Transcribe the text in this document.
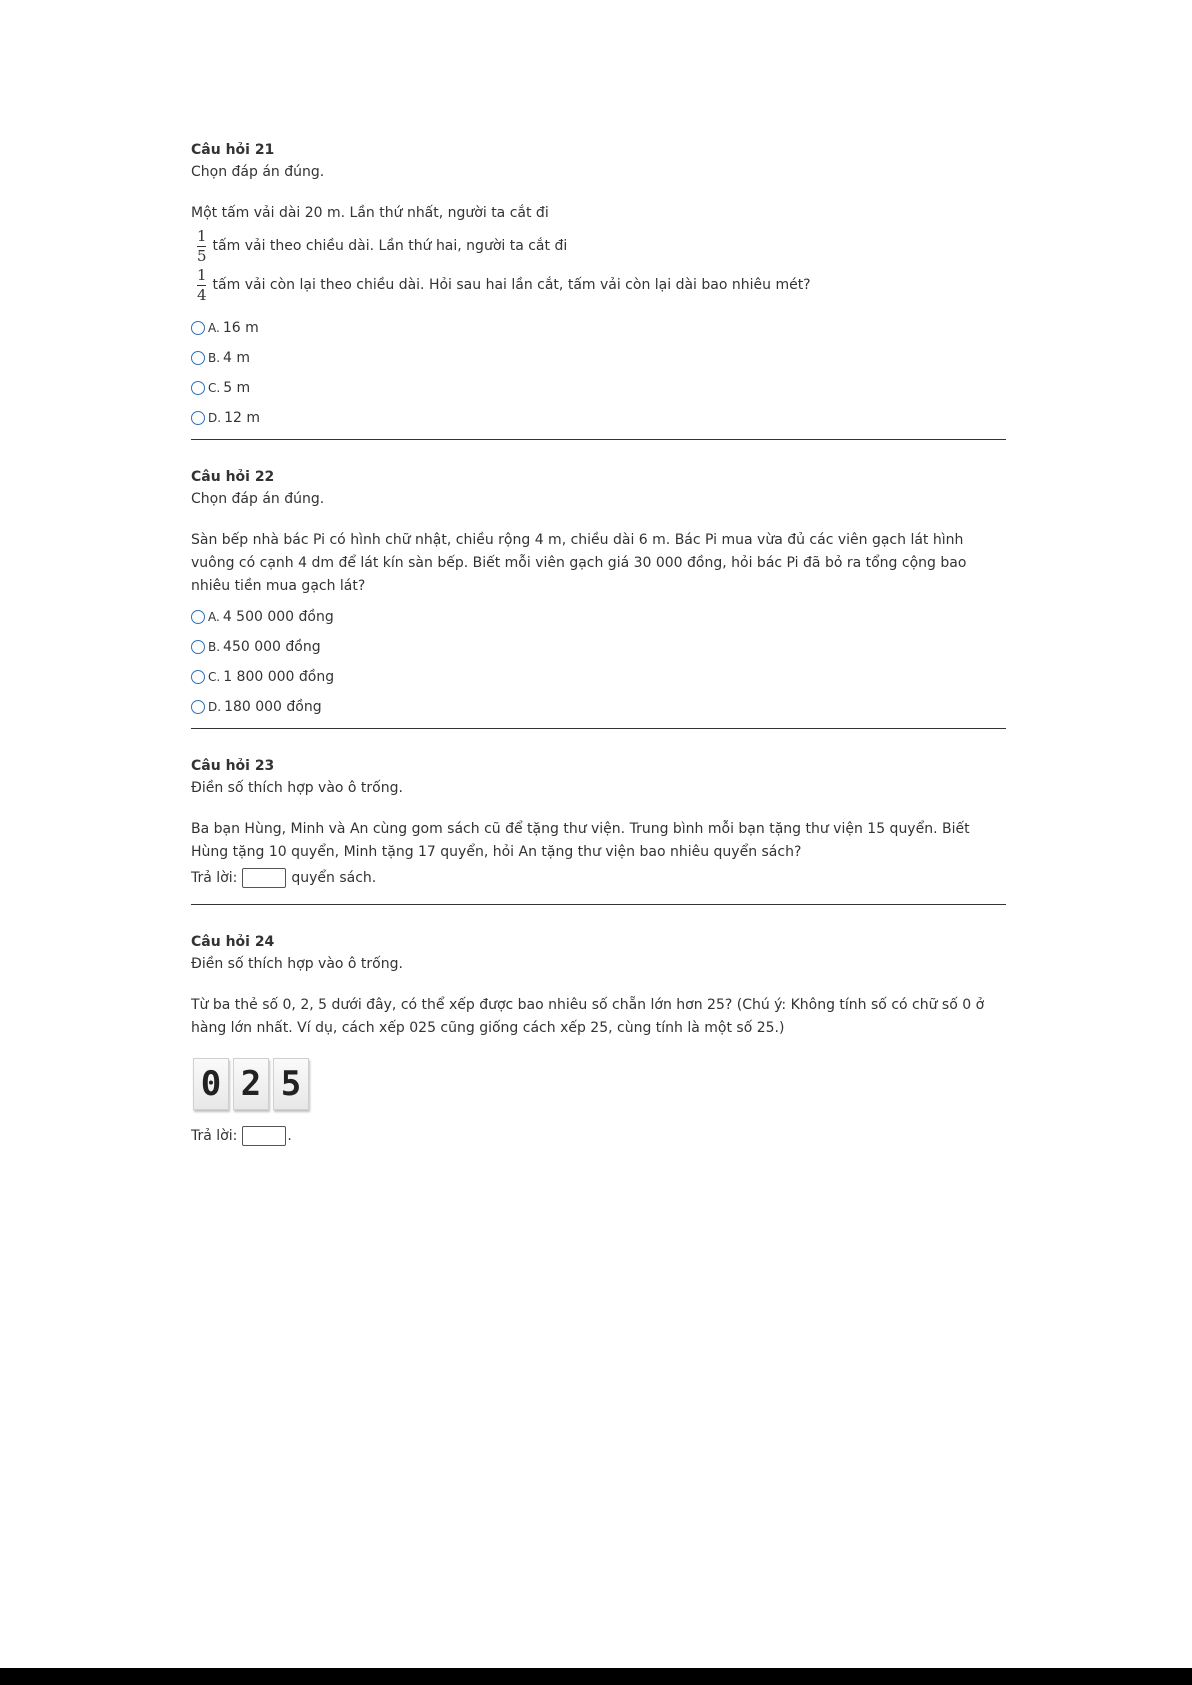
Câu hỏi 21

Chọn đáp án đúng.

Một tấm vải dài 20 m. Lần thứ nhất, người ta cắt đi
$\frac{1}{5}$ tấm vải theo chiều dài. Lần thứ hai, người ta cắt đi
$\frac{1}{4}$ tấm vải còn lại theo chiều dài. Hỏi sau hai lần cắt, tấm vải còn lại dài bao nhiêu mét?
A. 16 m
B. 4 m
C. 5 m
D. 12 m

Câu hỏi 22

Chọn đáp án đúng.

Sàn bếp nhà bác Pi có hình chữ nhật, chiều rộng 4 m, chiều dài 6 m. Bác Pi mua vừa đủ các viên gạch lát hình vuông có cạnh 4 dm để lát kín sàn bếp. Biết mỗi viên gạch giá 30 000 đồng, hỏi bác Pi đã bỏ ra tổng cộng bao nhiêu tiền mua gạch lát?
A. 4 500 000 đồng
B. 450 000 đồng
C. 1 800 000 đồng
D. 180 000 đồng

Câu hỏi 23

Điền số thích hợp vào ô trống.

Ba bạn Hùng, Minh và An cùng gom sách cũ để tặng thư viện. Trung bình mỗi bạn tặng thư viện 15 quyển. Biết Hùng tặng 10 quyển, Minh tặng 17 quyển, hỏi An tặng thư viện bao nhiêu quyển sách?
Trả lời:	quyển sách.

Câu hỏi 24

Điền số thích hợp vào ô trống.

Từ ba thẻ số 0, 2, 5 dưới đây, có thể xếp được bao nhiêu số chẵn lớn hơn 25? (Chú ý: Không tính số có chữ số 0 ở hàng lớn nhất. Ví dụ, cách xếp 025 cũng giống cách xếp 25, cùng tính là một số 25.)
0 2 5
Trả lời:	.
